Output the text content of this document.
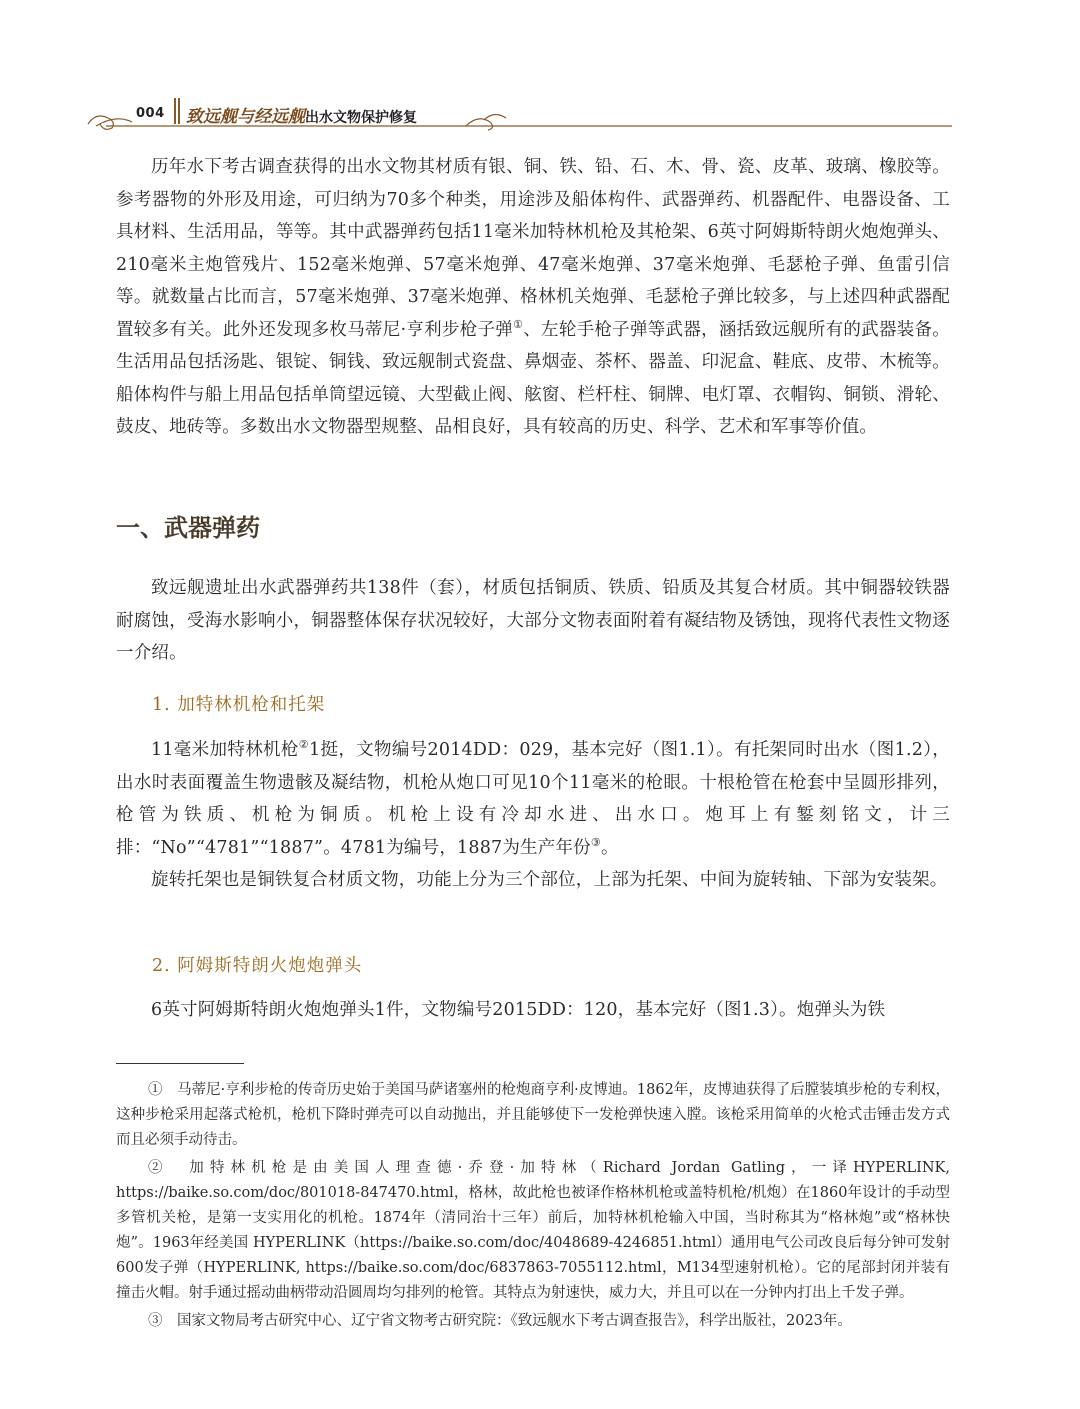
004 致远舰与经远舰出水文物保护修复

历年水下考古调查获得的出水文物其材质有银、铜、铁、铅、石、木、骨、瓷、皮革、玻璃、橡胶等。参考器物的外形及用途，可归纳为70多个种类，用途涉及船体构件、武器弹药、机器配件、电器设备、工具材料、生活用品，等等。其中武器弹药包括11毫米加特林机枪及其枪架、6英寸阿姆斯特朗火炮炮弹头、210毫米主炮管残片、152毫米炮弹、57毫米炮弹、47毫米炮弹、37毫米炮弹、毛瑟枪子弹、鱼雷引信等。就数量占比而言，57毫米炮弹、37毫米炮弹、格林机关炮弹、毛瑟枪子弹比较多，与上述四种武器配置较多有关。此外还发现多枚马蒂尼·亨利步枪子弹①、左轮手枪子弹等武器，涵括致远舰所有的武器装备。生活用品包括汤匙、银锭、铜钱、致远舰制式瓷盘、鼻烟壶、茶杯、器盖、印泥盒、鞋底、皮带、木梳等。船体构件与船上用品包括单筒望远镜、大型截止阀、舷窗、栏杆柱、铜牌、电灯罩、衣帽钩、铜锁、滑轮、鼓皮、地砖等。多数出水文物器型规整、品相良好，具有较高的历史、科学、艺术和军事等价值。

一、武器弹药

致远舰遗址出水武器弹药共138件（套），材质包括铜质、铁质、铅质及其复合材质。其中铜器较铁器耐腐蚀，受海水影响小，铜器整体保存状况较好，大部分文物表面附着有凝结物及锈蚀，现将代表性文物逐一介绍。

1. 加特林机枪和托架

11毫米加特林机枪②1挺，文物编号2014DD：029，基本完好（图1.1）。有托架同时出水（图1.2），出水时表面覆盖生物遗骸及凝结物，机枪从炮口可见10个11毫米的枪眼。十根枪管在枪套中呈圆形排列，枪管为铁质、机枪为铜质。机枪上设有冷却水进、出水口。炮耳上有錾刻铭文，计三排：“No”“4781”“1887”。4781为编号，1887为生产年份③。

旋转托架也是铜铁复合材质文物，功能上分为三个部位，上部为托架、中间为旋转轴、下部为安装架。

2. 阿姆斯特朗火炮炮弹头

6英寸阿姆斯特朗火炮炮弹头1件，文物编号2015DD：120，基本完好（图1.3）。炮弹头为铁

①　马蒂尼·亨利步枪的传奇历史始于美国马萨诸塞州的枪炮商亨利·皮博迪。1862年，皮博迪获得了后膛装填步枪的专利权，这种步枪采用起落式枪机，枪机下降时弹壳可以自动抛出，并且能够使下一发枪弹快速入膛。该枪采用简单的火枪式击锤击发方式而且必须手动待击。

②　加特林机枪是由美国人理查德·乔登·加特林（Richard Jordan Gatling，一译HYPERLINK, https://baike.so.com/doc/801018-847470.html，格林，故此枪也被译作格林机枪或盖特机枪/机炮）在1860年设计的手动型多管机关枪，是第一支实用化的机枪。1874年（清同治十三年）前后，加特林机枪输入中国，当时称其为“格林炮”或“格林快炮”。1963年经美国 HYPERLINK（https://baike.so.com/doc/4048689-4246851.html）通用电气公司改良后每分钟可发射600发子弹（HYPERLINK, https://baike.so.com/doc/6837863-7055112.html，M134型速射机枪）。它的尾部封闭并装有撞击火帽。射手通过摇动曲柄带动沿圆周均匀排列的枪管。其特点为射速快，威力大，并且可以在一分钟内打出上千发子弹。

③　国家文物局考古研究中心、辽宁省文物考古研究院：《致远舰水下考古调查报告》，科学出版社，2023年。
